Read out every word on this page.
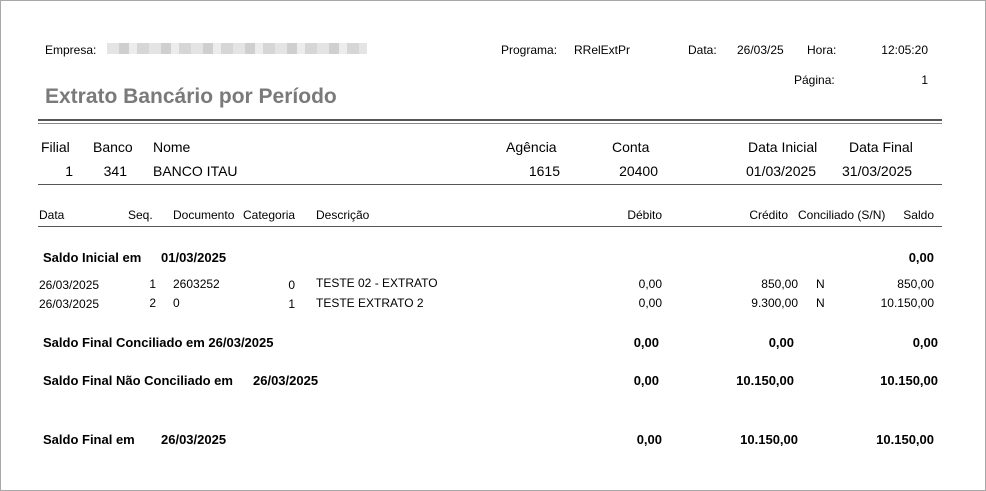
Empresa:	Programa: RRelExtPr	Data: 26/03/25 Hora:	12:05:20
Página:	1
Extrato Bancário por Período
Filial Banco Nome	Agência	Conta	Data Inicial Data Final
1	341 BANCO ITAU	1615	20400	01/03/2025 31/03/2025
Data	Seq. Documento Categoria Descrição	Débito	Crédito Conciliado (S/N)	Saldo
Saldo Inicial em 01/03/2025	0,00
26/03/2025	1 2603252	0 TESTE 02 - EXTRATO	0,00	850,00 N	850,00
26/03/2025	2 0	1 TESTE EXTRATO 2	0,00	9.300,00 N	10.150,00
Saldo Final Conciliado em 26/03/2025	0,00	0,00	0,00
Saldo Final Não Conciliado em 26/03/2025	0,00	10.150,00	10.150,00
Saldo Final em 26/03/2025	0,00	10.150,00	10.150,00
